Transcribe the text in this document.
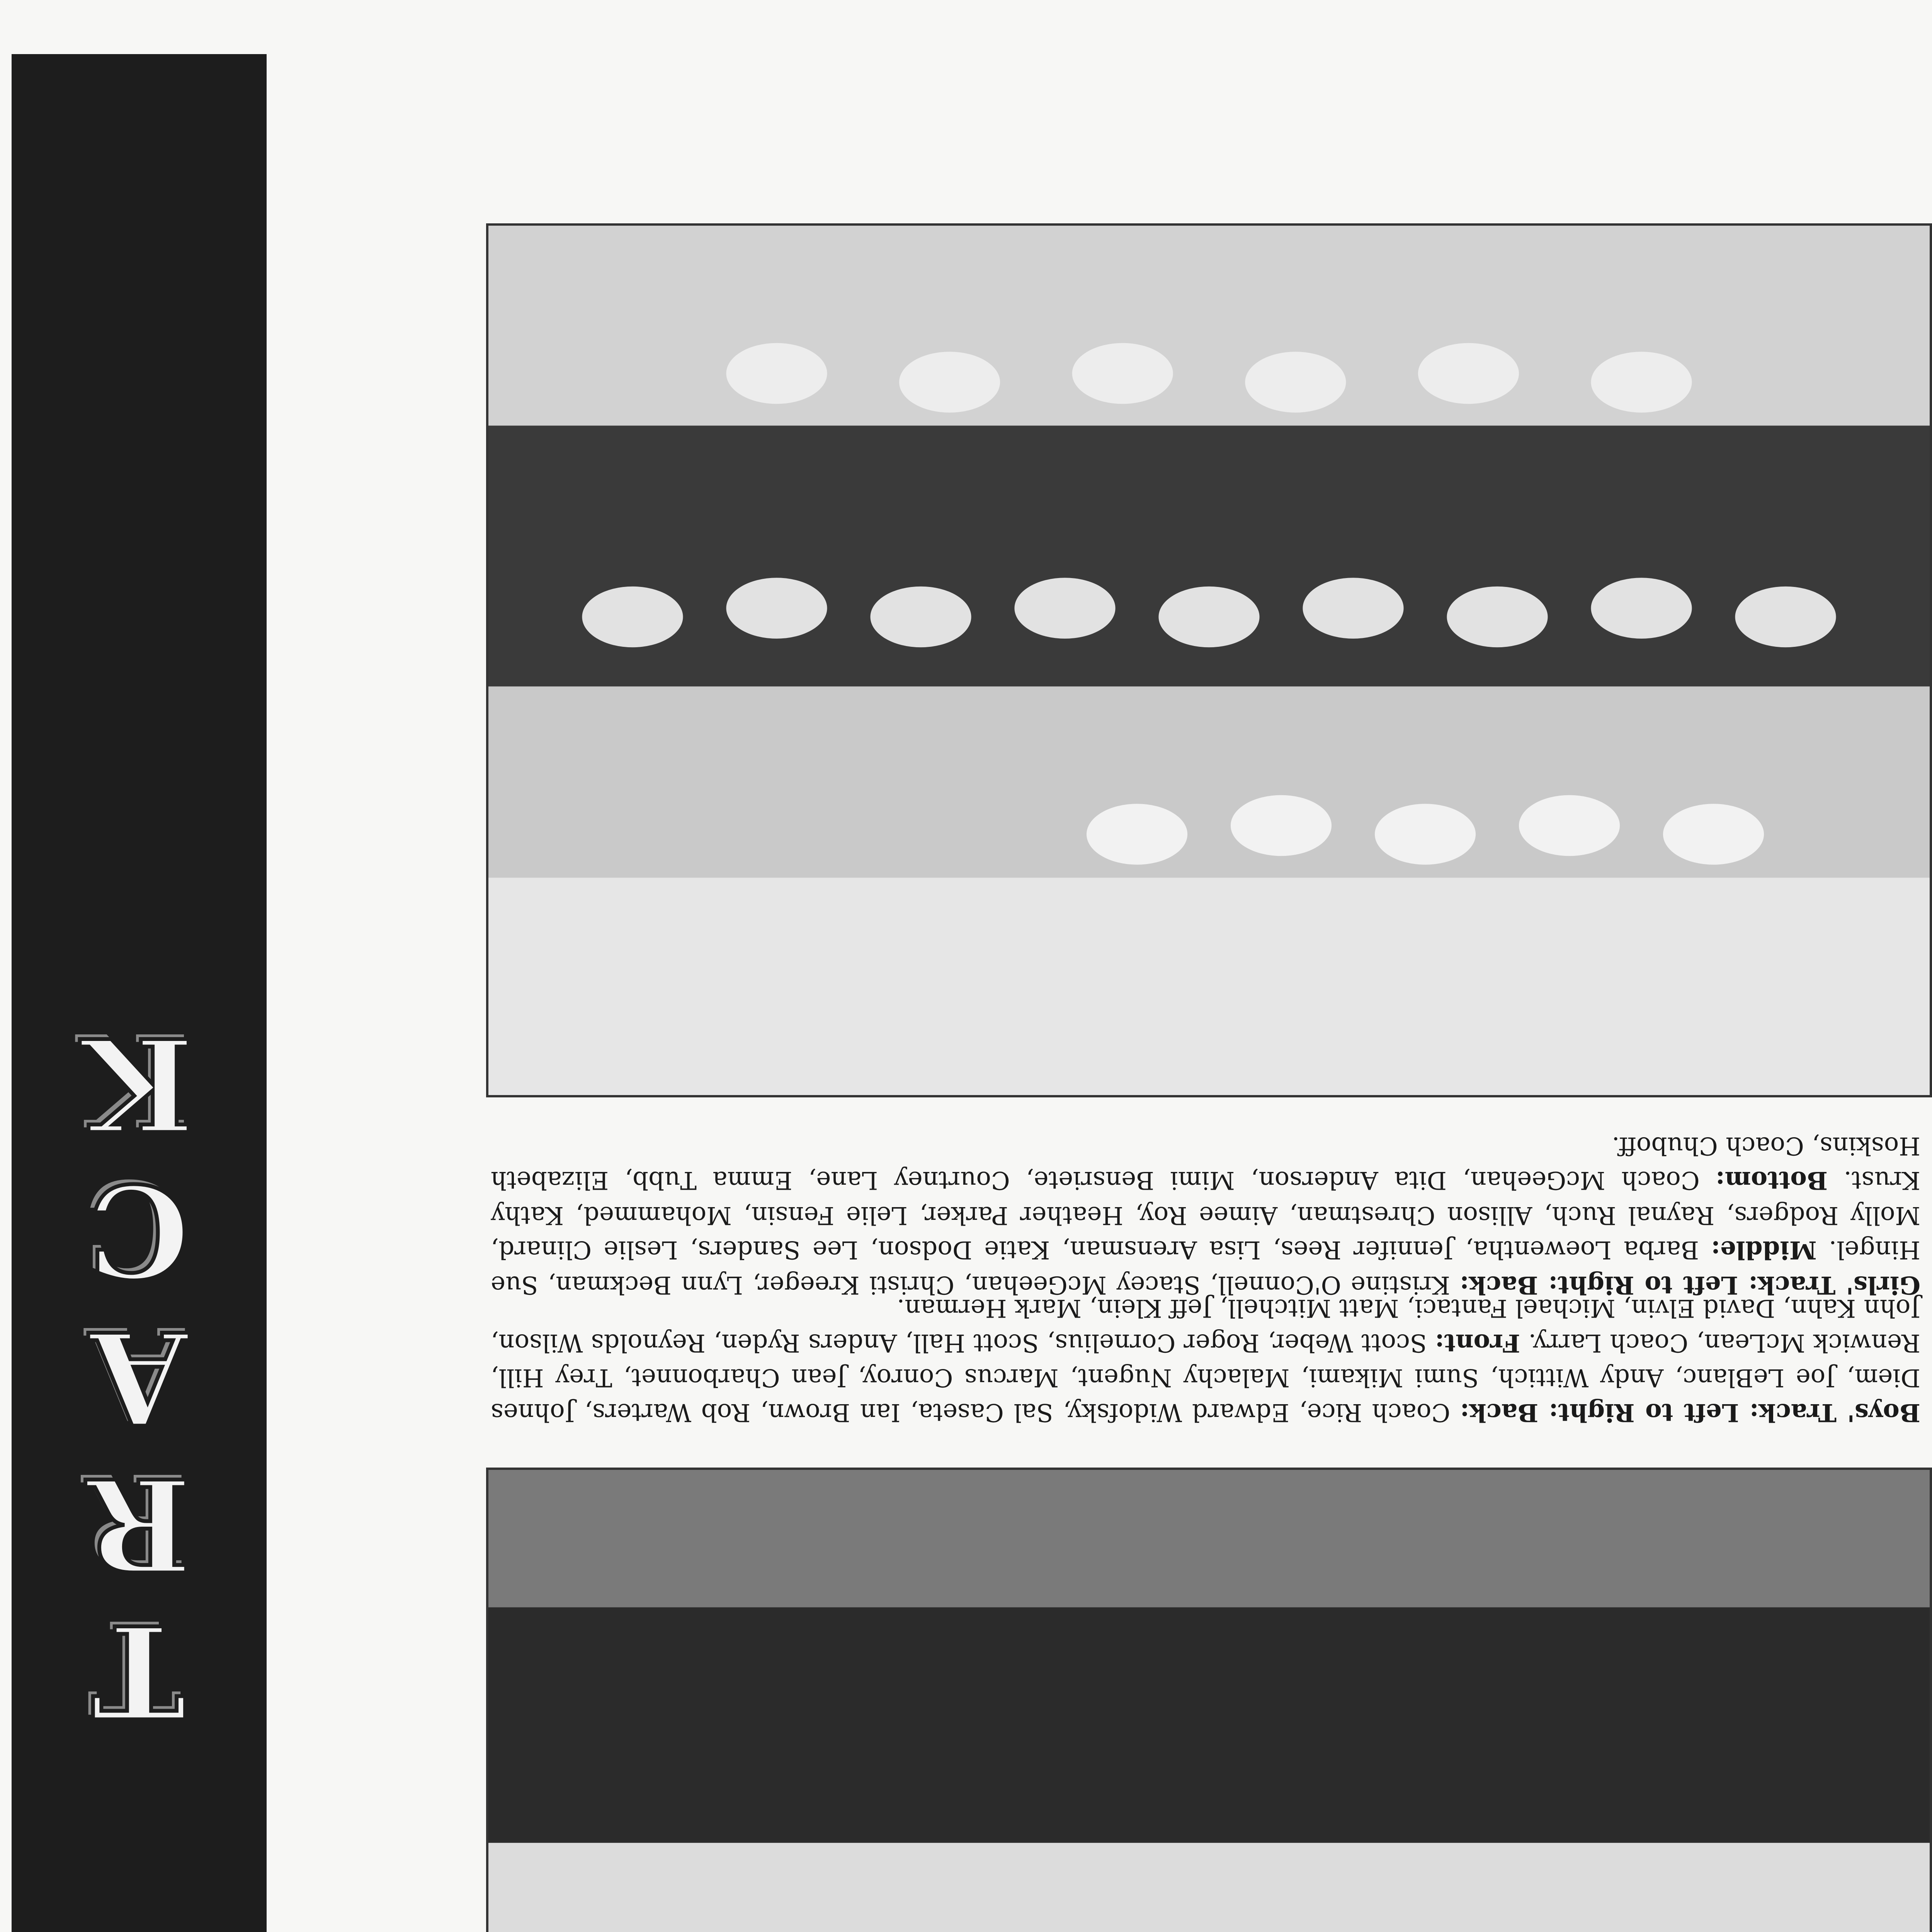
K
C
A
R
T
Boys' Track: Left to Right: Back: Coach Rice, Edward Widofsky, Sal Caseta, Ian Brown, Rob Warters, Johnes Diem, Joe LeBlanc, Andy Wittich, Sumi Mikami, Malachy Nugent, Marcus Conroy, Jean Charbonnet, Trey Hill, Renwick McLean, Coach Larry. Front: Scott Weber, Roger Cornelius, Scott Hall, Anders Ryden, Reynolds Wilson, John Kahn, David Elvin, Michael Fantaci, Matt Mitchell, Jeff Klein, Mark Herman.
Girls' Track: Left to Right: Back: Kristine O'Connell, Stacey McGeehan, Christi Kreeger, Lynn Beckman, Sue Hingel. Middle: Barba Loewentha, Jennifer Rees, Lisa Arensman, Katie Dodson, Lee Sanders, Leslie Clinard, Molly Rodgers, Raynal Ruch, Allison Chrestman, Aimee Roy, Heather Parker, Lelie Fensin, Mohammed, Kathy Krust. Bottom: Coach McGeehan, Dita Anderson, Mimi Bensriete, Courtney Lane, Emma Tubb, Elizabeth Hoskins, Coach Chuboff.
